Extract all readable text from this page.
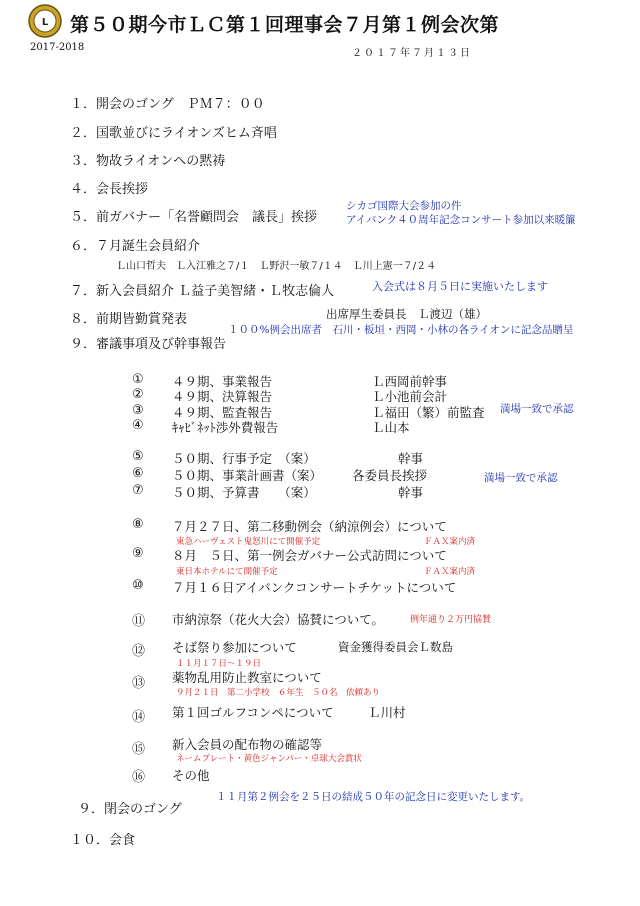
L 第５０期今市ＬＣ第１回理事会７月第１例会次第
2017-2018
２０１７年７月１３日
１．開会のゴング　ＰＭ７：００
２．国歌並びにライオンズヒム斉唱
３．物故ライオンへの黙祷
４．会長挨拶
５．前ガバナー「名誉顧問会　議長」挨拶
シカゴ国際大会参加の件
アイバンク４０周年記念コンサート参加以来暖簾
６．７月誕生会員紹介
Ｌ山口哲夫　Ｌ入江雅之７/１　Ｌ野沢一敏７/１４　Ｌ川上憲一７/２４
７．新入会員紹介 Ｌ益子美智緒・Ｌ牧志倫人	入会式は８月５日に実施いたします
８．前期皆勤賞発表	出席厚生委員長　Ｌ渡辺（雄）
１００%例会出席者　石川・板垣・西岡・小林の各ライオンに記念品贈呈
９．審議事項及び幹事報告
① ４９期、事業報告	Ｌ西岡前幹事
② ４９期、決算報告	Ｌ小池前会計
③ ４９期、監査報告	Ｌ福田（繁）前監査 満場一致で承認
④ ｷｬﾋﾞﾈｯﾄ渉外費報告	Ｌ山本
⑤ ５０期、行事予定　（案）	幹事
⑥ ５０期、事業計画書（案） 各委員長挨拶	満場一致で承認
⑦ ５０期、予算書　　（案）	幹事
⑧ ７月２７日、第二移動例会（納涼例会）について
東急ハーヴェスト鬼怒川にて開催予定	ＦＡＸ案内済
⑨ ８月　５日、第一例会ガバナー公式訪問について
東日本ホテルにて開催予定	ＦＡＸ案内済
⑩ ７月１６日アイバンクコンサートチケットについて
⑪ 市納涼祭（花火大会）協賛について。	例年通り２万円協賛
⑫ そば祭り参加について	資金獲得委員会Ｌ数島
１１月１７日～１９日
⑬ 薬物乱用防止教室について
９月２１日　第二小学校　６年生　５０名　依頼あり
⑭ 第１回ゴルフコンペについて	Ｌ川村
⑮ 新入会員の配布物の確認等
ネームプレート・黄色ジャンパー・卓球大会賞状
⑯ その他
１１月第２例会を２５日の結成５０年の記念日に変更いたします。
９．閉会のゴング
１０．会食
